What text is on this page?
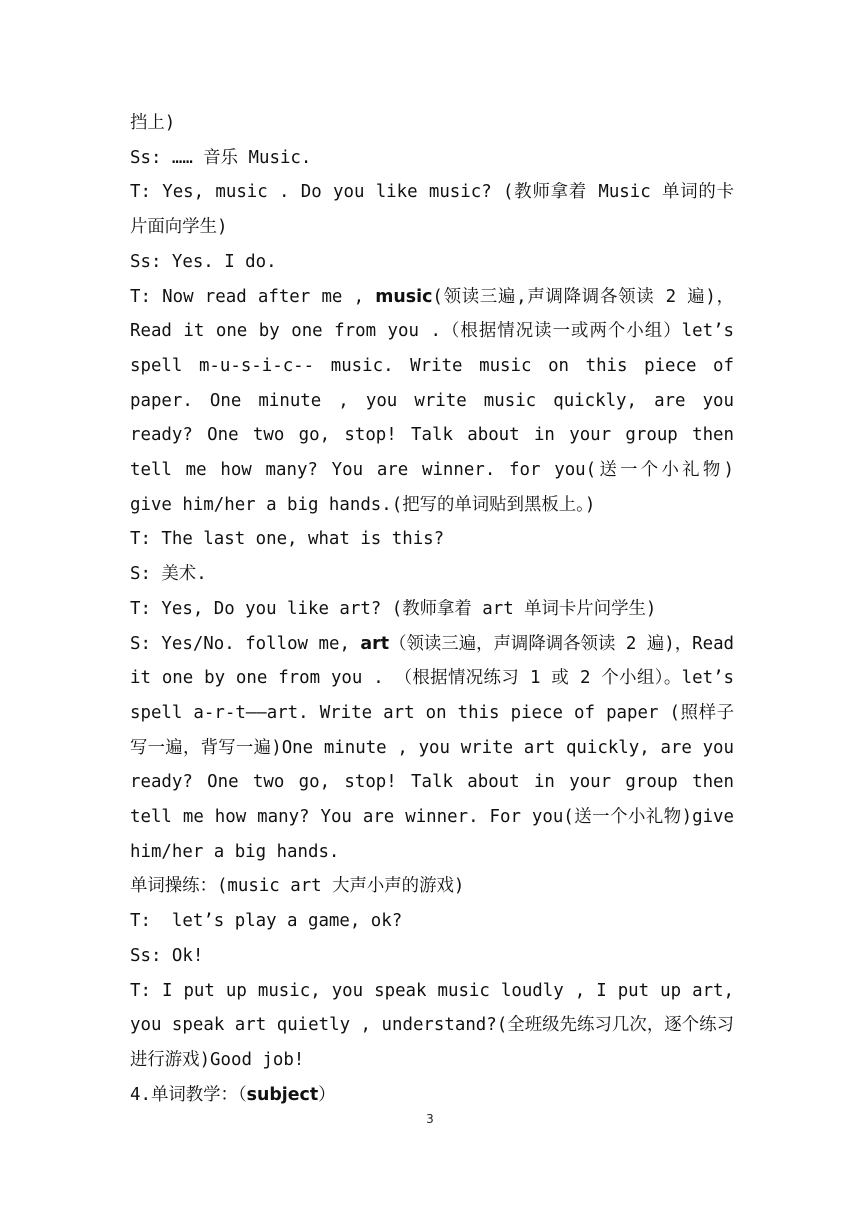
挡上)
Ss: …… 音乐 Music.
T: Yes, music . Do you like music? (教师拿着 Music 单词的卡片面向学生)
Ss: Yes. I do.
T: Now read after me , music(领读三遍,声调降调各领读 2 遍)，Read it one by one from you .（根据情况读一或两个小组）let’s spell m-u-s-i-c-- music. Write music on this piece of paper. One minute , you write music quickly, are you ready? One two go, stop! Talk about in your group then tell me how many? You are winner. for you(送一个小礼物) give him/her a big hands.(把写的单词贴到黑板上。)
T: The last one, what is this?
S: 美术.
T: Yes, Do you like art? (教师拿着 art 单词卡片问学生)
S: Yes/No. follow me, art（领读三遍，声调降调各领读 2 遍)，Read it one by one from you . （根据情况练习 1 或 2 个小组）。let’s spell a-r-t——art. Write art on this piece of paper (照样子写一遍，背写一遍)One minute , you write art quickly, are you ready? One two go, stop! Talk about in your group then tell me how many? You are winner. For you(送一个小礼物)give him/her a big hands.
单词操练：(music art 大声小声的游戏)
T:  let’s play a game, ok?
Ss: Ok!
T: I put up music, you speak music loudly , I put up art, you speak art quietly , understand?(全班级先练习几次，逐个练习进行游戏)Good job!
4.单词教学：（subject）
3
